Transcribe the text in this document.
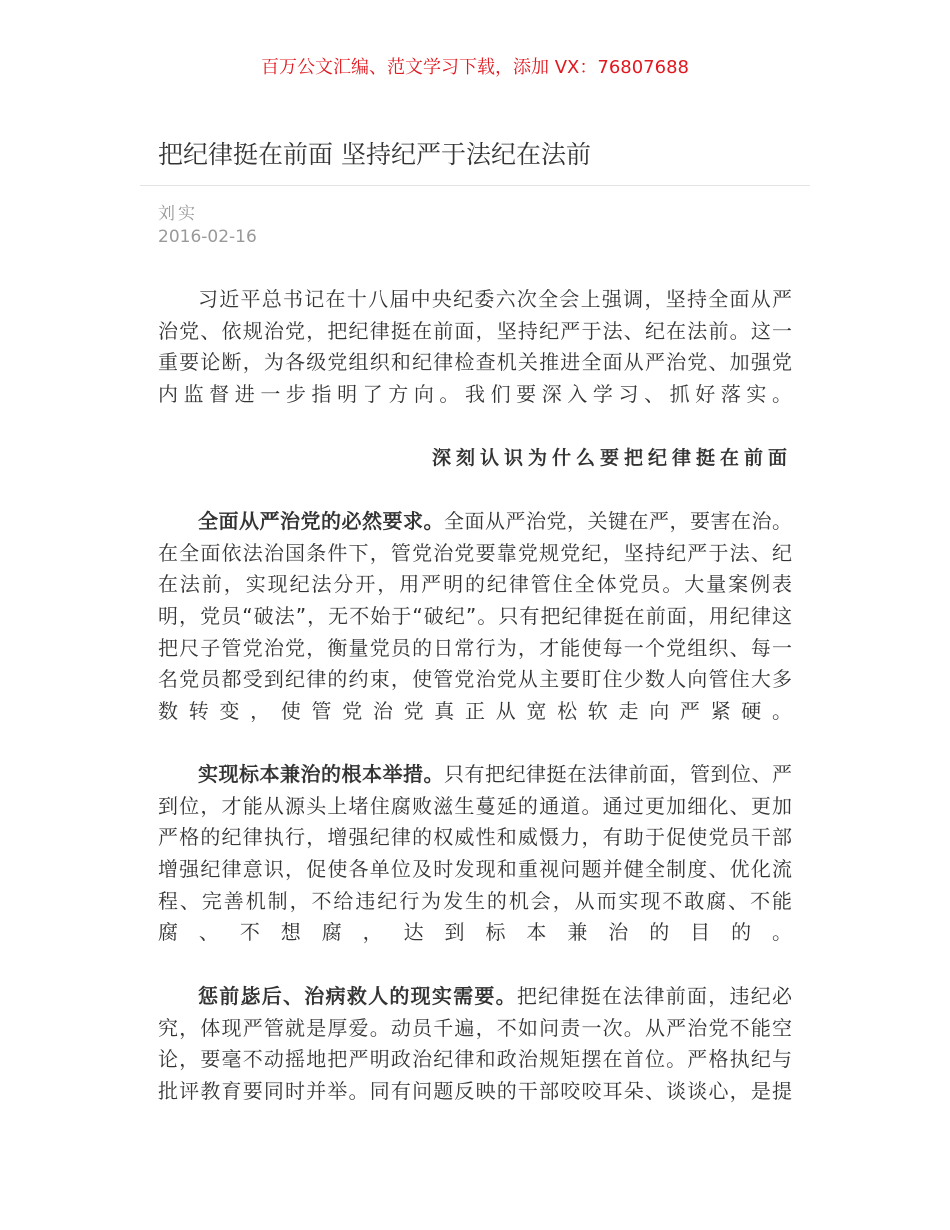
百万公文汇编、范文学习下载，添加 VX：76807688
把纪律挺在前面 坚持纪严于法纪在法前
刘实
2016-02-16
习近平总书记在十八届中央纪委六次全会上强调，坚持全面从严
治党、依规治党，把纪律挺在前面，坚持纪严于法、纪在法前。这一
重要论断，为各级党组织和纪律检查机关推进全面从严治党、加强党
内监督进一步指明了方向。我们要深入学习、抓好落实。
深刻认识为什么要把纪律挺在前面
全面从严治党的必然要求。全面从严治党，关键在严，要害在治。
在全面依法治国条件下，管党治党要靠党规党纪，坚持纪严于法、纪
在法前，实现纪法分开，用严明的纪律管住全体党员。大量案例表
明，党员“破法”，无不始于“破纪”。只有把纪律挺在前面，用纪律这
把尺子管党治党，衡量党员的日常行为，才能使每一个党组织、每一
名党员都受到纪律的约束，使管党治党从主要盯住少数人向管住大多
数转变，使管党治党真正从宽松软走向严紧硬。
实现标本兼治的根本举措。只有把纪律挺在法律前面，管到位、严
到位，才能从源头上堵住腐败滋生蔓延的通道。通过更加细化、更加
严格的纪律执行，增强纪律的权威性和威慑力，有助于促使党员干部
增强纪律意识，促使各单位及时发现和重视问题并健全制度、优化流
程、完善机制，不给违纪行为发生的机会，从而实现不敢腐、不能
腐、不想腐，达到标本兼治的目的。
惩前毖后、治病救人的现实需要。把纪律挺在法律前面，违纪必
究，体现严管就是厚爱。动员千遍，不如问责一次。从严治党不能空
论，要毫不动摇地把严明政治纪律和政治规矩摆在首位。严格执纪与
批评教育要同时并举。同有问题反映的干部咬咬耳朵、谈谈心，是提
